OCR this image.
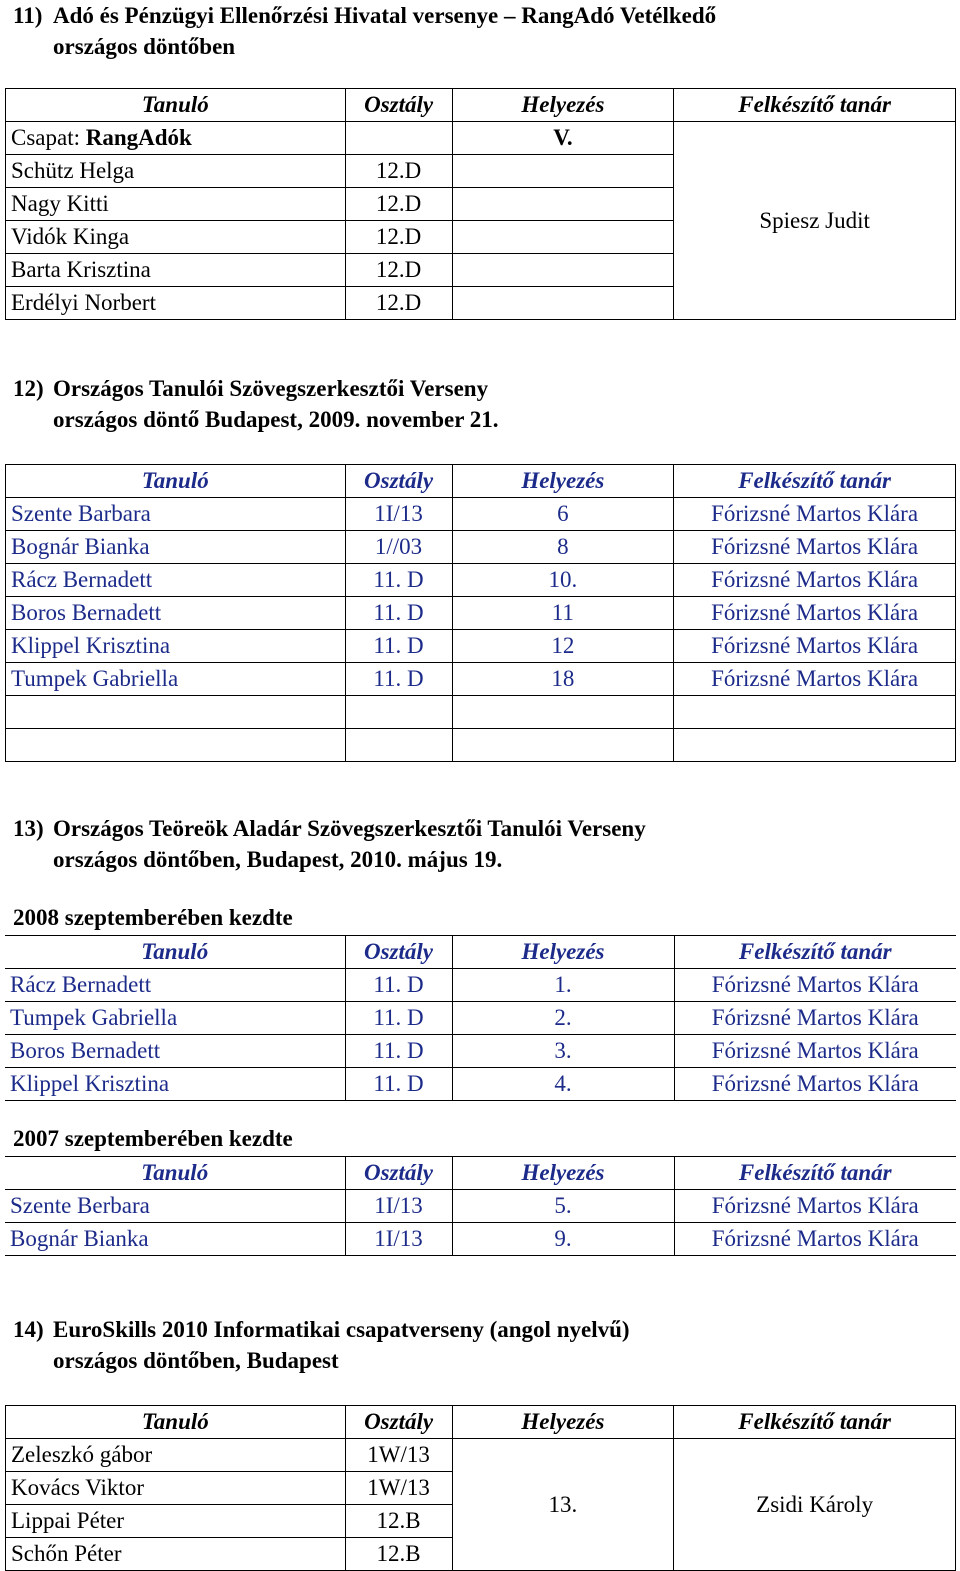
11) Adó és Pénzügyi Ellenőrzési Hivatal versenye – RangAdó Vetélkedő
országos döntőben
Tanuló	Osztály	Helyezés	Felkészítő tanár
Csapat: RangAdók		V.	Spiesz Judit
Schütz Helga	12.D		
Nagy Kitti	12.D		
Vidók Kinga	12.D		
Barta Krisztina	12.D		
Erdélyi Norbert	12.D		
12) Országos Tanulói Szövegszerkesztői Verseny
országos döntő Budapest, 2009. november 21.
Tanuló	Osztály	Helyezés	Felkészítő tanár
Szente Barbara	1I/13	6	Fórizsné Martos Klára
Bognár Bianka	1//03	8	Fórizsné Martos Klára
Rácz Bernadett	11. D	10.	Fórizsné Martos Klára
Boros Bernadett	11. D	11	Fórizsné Martos Klára
Klippel Krisztina	11. D	12	Fórizsné Martos Klára
Tumpek Gabriella	11. D	18	Fórizsné Martos Klára

13) Országos Teöreök Aladár Szövegszerkesztői Tanulói Verseny
országos döntőben, Budapest, 2010. május 19.
2008 szeptemberében kezdte
Tanuló	Osztály	Helyezés	Felkészítő tanár
Rácz Bernadett	11. D	1.	Fórizsné Martos Klára
Tumpek Gabriella	11. D	2.	Fórizsné Martos Klára
Boros Bernadett	11. D	3.	Fórizsné Martos Klára
Klippel Krisztina	11. D	4.	Fórizsné Martos Klára
2007 szeptemberében kezdte
Tanuló	Osztály	Helyezés	Felkészítő tanár
Szente Berbara	1I/13	5.	Fórizsné Martos Klára
Bognár Bianka	1I/13	9.	Fórizsné Martos Klára
14) EuroSkills 2010 Informatikai csapatverseny (angol nyelvű)
országos döntőben, Budapest
Tanuló	Osztály	Helyezés	Felkészítő tanár
Zeleszkó gábor	1W/13	13.	Zsidi Károly
Kovács Viktor	1W/13		
Lippai Péter	12.B		
Schőn Péter	12.B		
